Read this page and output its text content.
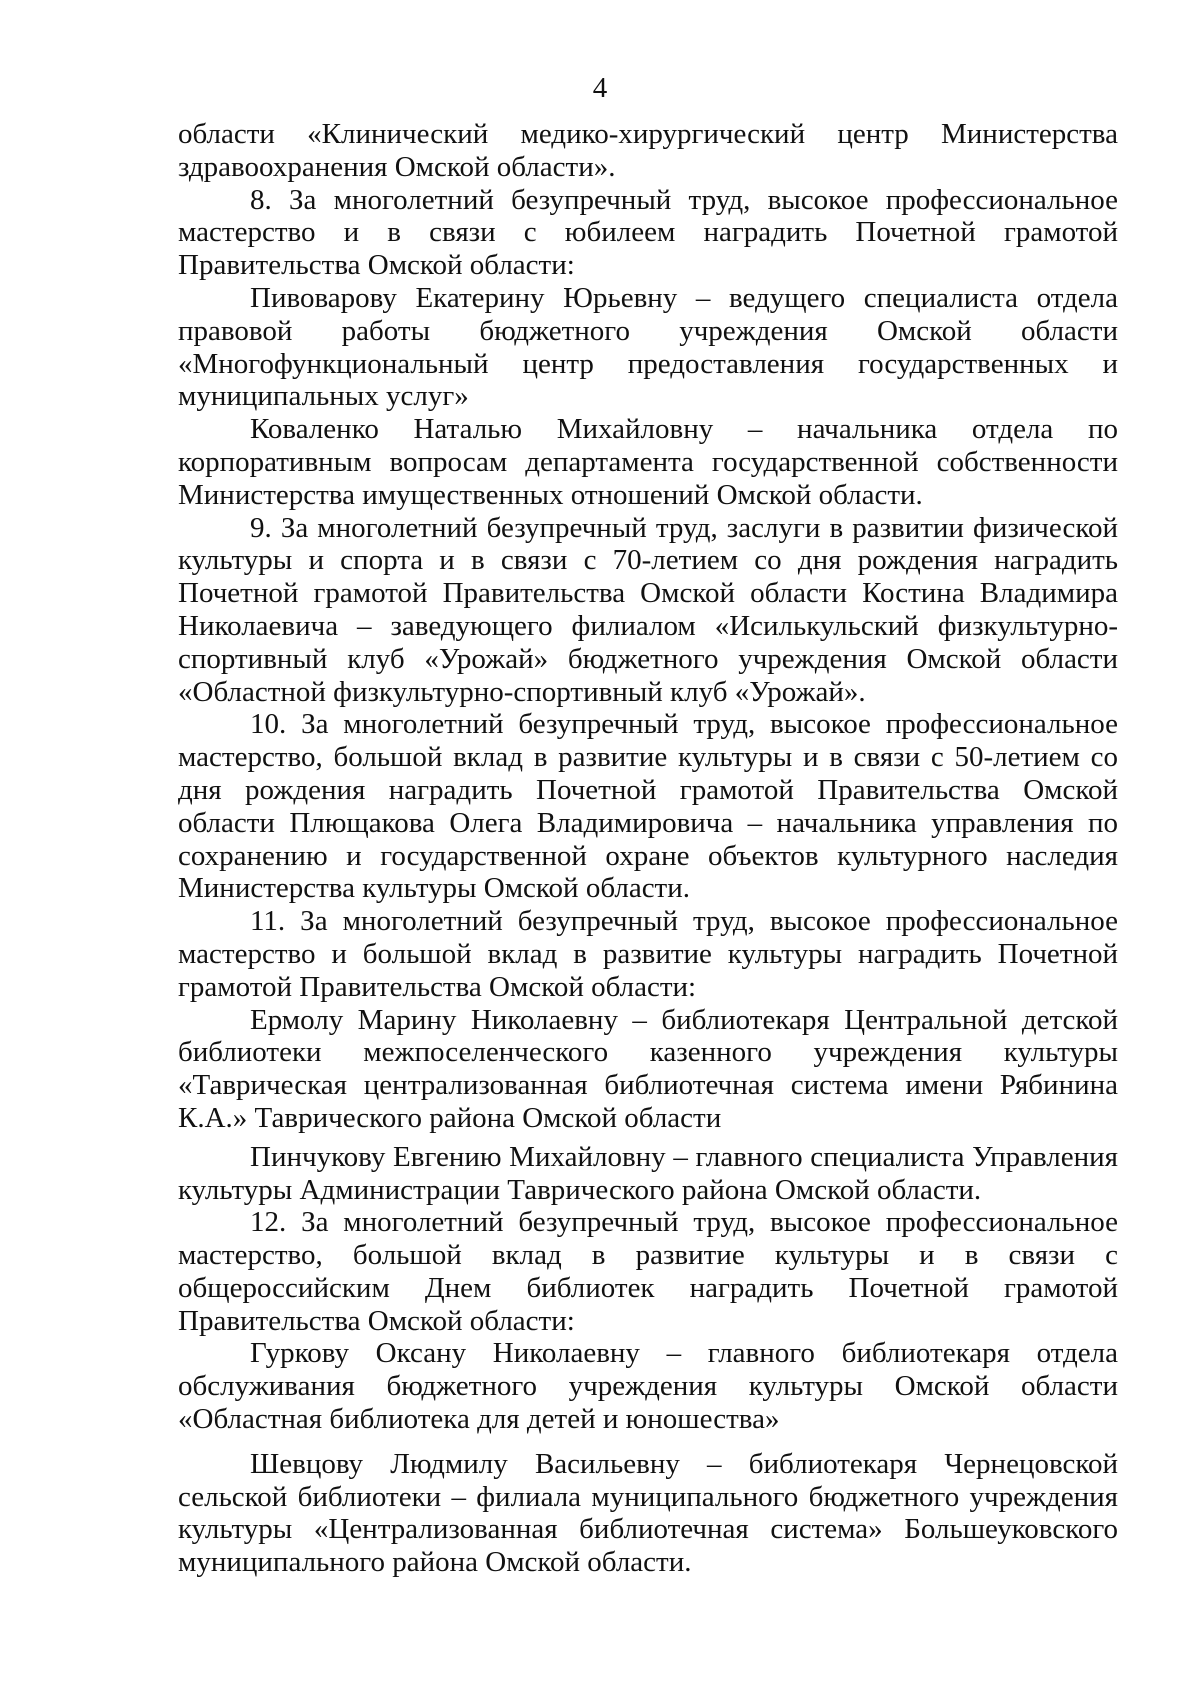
4

области «Клинический медико-хирургический центр Министерства здравоохранения Омской области».

8. За многолетний безупречный труд, высокое профессиональное мастерство и в связи с юбилеем наградить Почетной грамотой Правительства Омской области:

Пивоварову Екатерину Юрьевну – ведущего специалиста отдела правовой работы бюджетного учреждения Омской области «Многофункциональный центр предоставления государственных и муниципальных услуг»

Коваленко Наталью Михайловну – начальника отдела по корпоративным вопросам департамента государственной собственности Министерства имущественных отношений Омской области.

9. За многолетний безупречный труд, заслуги в развитии физической культуры и спорта и в связи с 70-летием со дня рождения наградить Почетной грамотой Правительства Омской области Костина Владимира Николаевича – заведующего филиалом «Исилькульский физкультурно-спортивный клуб «Урожай» бюджетного учреждения Омской области «Областной физкультурно-спортивный клуб «Урожай».

10. За многолетний безупречный труд, высокое профессиональное мастерство, большой вклад в развитие культуры и в связи с 50-летием со дня рождения наградить Почетной грамотой Правительства Омской области Плющакова Олега Владимировича – начальника управления по сохранению и государственной охране объектов культурного наследия Министерства культуры Омской области.

11. За многолетний безупречный труд, высокое профессиональное мастерство и большой вклад в развитие культуры наградить Почетной грамотой Правительства Омской области:

Ермолу Марину Николаевну – библиотекаря Центральной детской библиотеки межпоселенческого казенного учреждения культуры «Таврическая централизованная библиотечная система имени Рябинина К.А.» Таврического района Омской области

Пинчукову Евгению Михайловну – главного специалиста Управления культуры Администрации Таврического района Омской области.

12. За многолетний безупречный труд, высокое профессиональное мастерство, большой вклад в развитие культуры и в связи с общероссийским Днем библиотек наградить Почетной грамотой Правительства Омской области:

Гуркову Оксану Николаевну – главного библиотекаря отдела обслуживания бюджетного учреждения культуры Омской области «Областная библиотека для детей и юношества»

Шевцову Людмилу Васильевну – библиотекаря Чернецовской сельской библиотеки – филиала муниципального бюджетного учреждения культуры «Централизованная библиотечная система» Большеуковского муниципального района Омской области.
